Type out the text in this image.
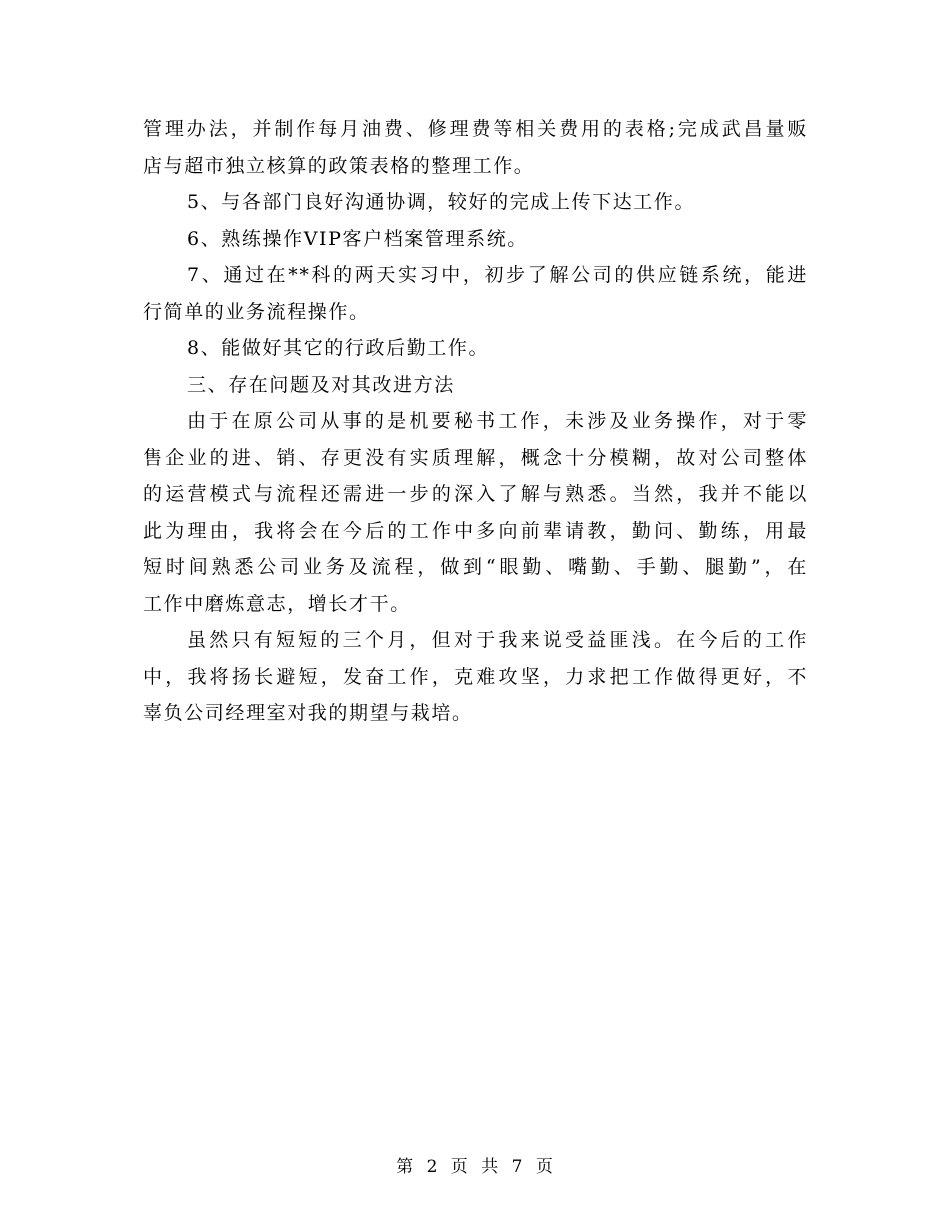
管理办法，并制作每月油费、修理费等相关费用的表格;完成武昌量贩
店与超市独立核算的政策表格的整理工作。
5、与各部门良好沟通协调，较好的完成上传下达工作。
6、熟练操作VIP客户档案管理系统。
7、通过在**科的两天实习中，初步了解公司的供应链系统，能进
行简单的业务流程操作。
8、能做好其它的行政后勤工作。
三、存在问题及对其改进方法
由于在原公司从事的是机要秘书工作，未涉及业务操作，对于零
售企业的进、销、存更没有实质理解，概念十分模糊，故对公司整体
的运营模式与流程还需进一步的深入了解与熟悉。当然，我并不能以
此为理由，我将会在今后的工作中多向前辈请教，勤问、勤练，用最
短时间熟悉公司业务及流程，做到“眼勤、嘴勤、手勤、腿勤”，在
工作中磨炼意志，增长才干。
虽然只有短短的三个月，但对于我来说受益匪浅。在今后的工作
中，我将扬长避短，发奋工作，克难攻坚，力求把工作做得更好，不
辜负公司经理室对我的期望与栽培。
第 2 页 共 7 页
